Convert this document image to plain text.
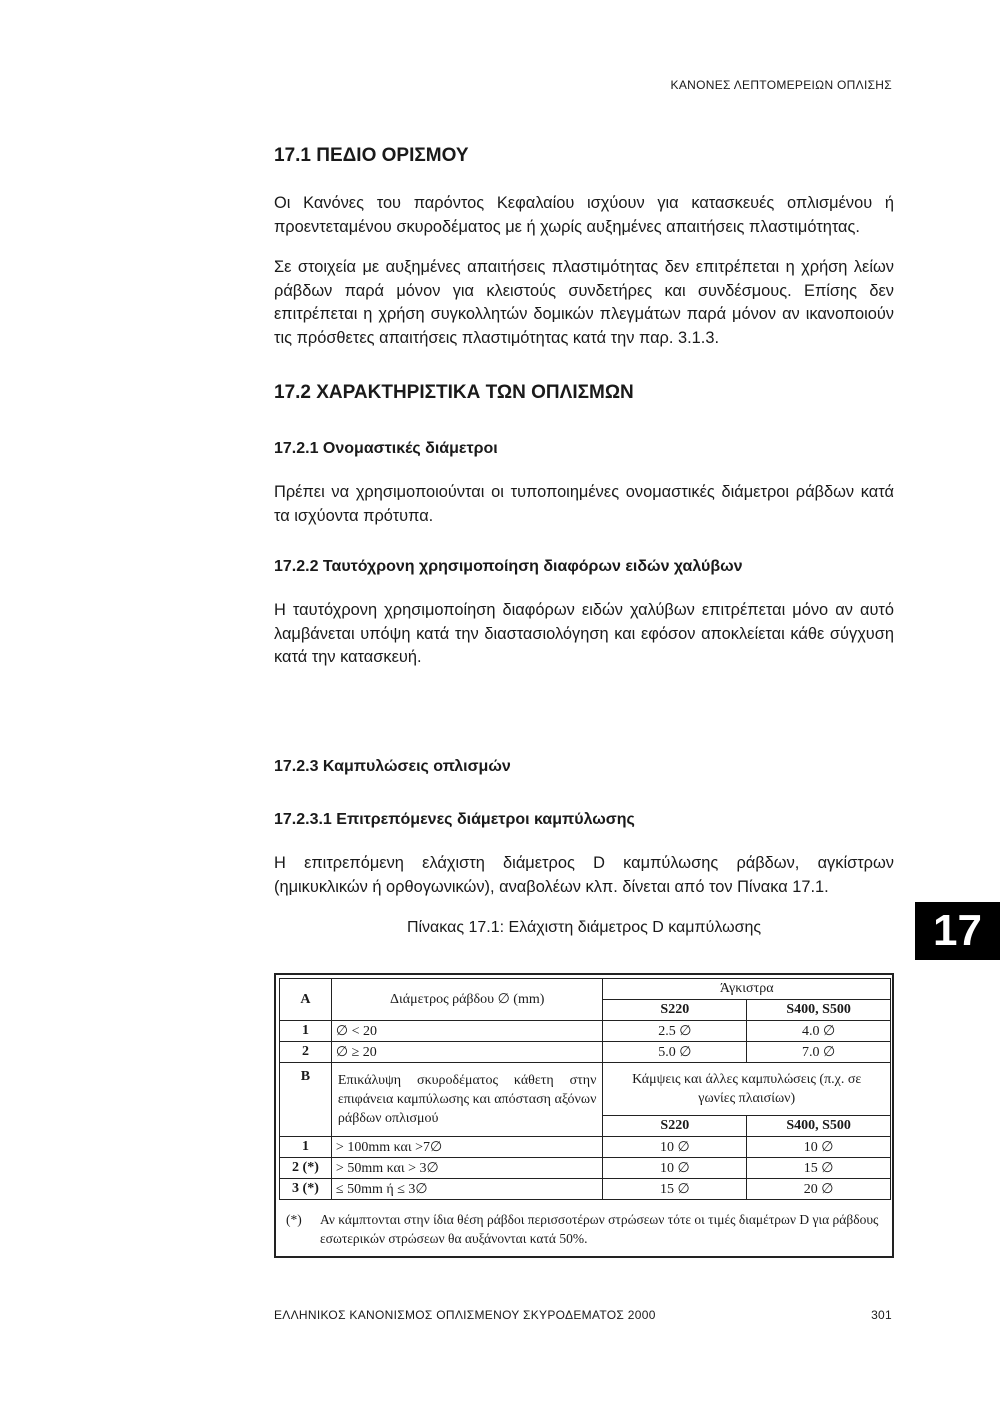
ΚΑΝΟΝΕΣ ΛΕΠΤΟΜΕΡΕΙΩΝ ΟΠΛΙΣΗΣ
17.1 ΠΕΔΙΟ ΟΡΙΣΜΟΥ

Οι Κανόνες του παρόντος Κεφαλαίου ισχύουν για κατασκευές οπλισμένου ή προεντεταμένου σκυροδέματος με ή χωρίς αυξημένες απαιτήσεις πλαστιμότητας.

Σε στοιχεία με αυξημένες απαιτήσεις πλαστιμότητας δεν επιτρέπεται η χρήση λείων ράβδων παρά μόνον για κλειστούς συνδετήρες και συνδέσμους. Επίσης δεν επιτρέπεται η χρήση συγκολλητών δομικών πλεγμάτων παρά μόνον αν ικανοποιούν τις πρόσθετες απαιτήσεις πλαστιμότητας κατά την παρ. 3.1.3.

17.2 ΧΑΡΑΚΤΗΡΙΣΤΙΚΑ ΤΩΝ ΟΠΛΙΣΜΩΝ
17.2.1 Ονομαστικές διάμετροι

Πρέπει να χρησιμοποιούνται οι τυποποιημένες ονομαστικές διάμετροι ράβδων κατά τα ισχύοντα πρότυπα.

17.2.2 Ταυτόχρονη χρησιμοποίηση διαφόρων ειδών χαλύβων

Η ταυτόχρονη χρησιμοποίηση διαφόρων ειδών χαλύβων επιτρέπεται μόνο αν αυτό λαμβάνεται υπόψη κατά την διαστασιολόγηση και εφόσον αποκλείεται κάθε σύγχυση κατά την κατασκευή.

17.2.3 Καμπυλώσεις οπλισμών
17.2.3.1 Επιτρεπόμενες διάμετροι καμπύλωσης

Η επιτρεπόμενη ελάχιστη διάμετρος D καμπύλωσης ράβδων, αγκίστρων (ημικυκλικών ή ορθογωνικών), αναβολέων κλπ. δίνεται από τον Πίνακα 17.1.

Πίνακας 17.1: Ελάχιστη διάμετρος D καμπύλωσης	17
A	Διάμετρος ράβδου ∅ (mm)	Άγκιστρα	
		S220	S400, S500
1	∅ < 20	2.5 ∅	4.0 ∅
2	∅ ≥ 20	5.0 ∅	7.0 ∅
B	Επικάλυψη σκυροδέματος κάθετη στην επιφάνεια καμπύλωσης και απόσταση αξόνων ράβδων οπλισμού	Κάμψεις και άλλες καμπυλώσεις (π.χ. σε γωνίες πλαισίων)	
		S220	S400, S500
1	> 100mm και >7∅	10 ∅	10 ∅
2 (*)	> 50mm και > 3∅	10 ∅	15 ∅
3 (*)	≤ 50mm ή ≤ 3∅	15 ∅	20 ∅
(*)	Αν κάμπτονται στην ίδια θέση ράβδοι περισσοτέρων στρώσεων τότε οι τιμές διαμέτρων D για ράβδους εσωτερικών στρώσεων θα αυξάνονται κατά 50%.
ΕΛΛΗΝΙΚΟΣ ΚΑΝΟΝΙΣΜΟΣ ΟΠΛΙΣΜΕΝΟΥ ΣΚΥΡΟΔΕΜΑΤΟΣ 2000	301
